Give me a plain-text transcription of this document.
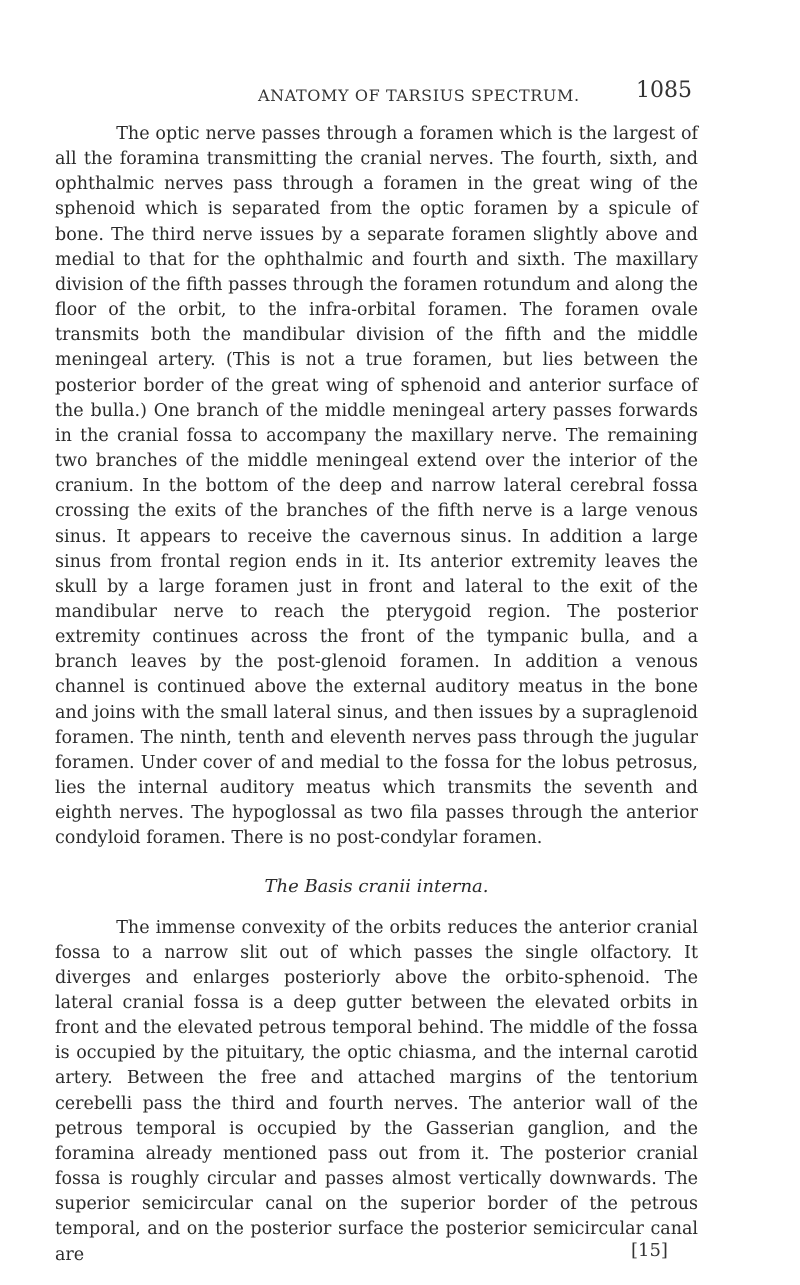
ANATOMY OF TARSIUS SPECTRUM.	1085

The optic nerve passes through a foramen which is the largest of all the foramina transmitting the cranial nerves. The fourth, sixth, and ophthalmic nerves pass through a foramen in the great wing of the sphenoid which is separated from the optic foramen by a spicule of bone. The third nerve issues by a separate foramen slightly above and medial to that for the ophthalmic and fourth and sixth. The maxillary division of the fifth passes through the foramen rotundum and along the floor of the orbit, to the infra-orbital foramen. The foramen ovale transmits both the mandibular division of the fifth and the middle meningeal artery. (This is not a true foramen, but lies between the posterior border of the great wing of sphenoid and anterior surface of the bulla.) One branch of the middle meningeal artery passes forwards in the cranial fossa to accompany the maxillary nerve. The remaining two branches of the middle meningeal extend over the interior of the cranium. In the bottom of the deep and narrow lateral cerebral fossa crossing the exits of the branches of the fifth nerve is a large venous sinus. It appears to receive the cavernous sinus. In addition a large sinus from frontal region ends in it. Its anterior extremity leaves the skull by a large foramen just in front and lateral to the exit of the mandibular nerve to reach the pterygoid region. The posterior extremity continues across the front of the tympanic bulla, and a branch leaves by the post-glenoid foramen. In addition a venous channel is continued above the external auditory meatus in the bone and joins with the small lateral sinus, and then issues by a supraglenoid foramen. The ninth, tenth and eleventh nerves pass through the jugular foramen. Under cover of and medial to the fossa for the lobus petrosus, lies the internal auditory meatus which transmits the seventh and eighth nerves. The hypoglossal as two fila passes through the anterior condyloid foramen. There is no post-condylar foramen.

The Basis cranii interna.

The immense convexity of the orbits reduces the anterior cranial fossa to a narrow slit out of which passes the single olfactory. It diverges and enlarges posteriorly above the orbito-sphenoid. The lateral cranial fossa is a deep gutter between the elevated orbits in front and the elevated petrous temporal behind. The middle of the fossa is occupied by the pituitary, the optic chiasma, and the internal carotid artery. Between the free and attached margins of the tentorium cerebelli pass the third and fourth nerves. The anterior wall of the petrous temporal is occupied by the Gasserian ganglion, and the foramina already mentioned pass out from it. The posterior cranial fossa is roughly circular and passes almost vertically downwards. The superior semicircular canal on the superior border of the petrous temporal, and on the posterior surface the posterior semicircular canal are	[15]
